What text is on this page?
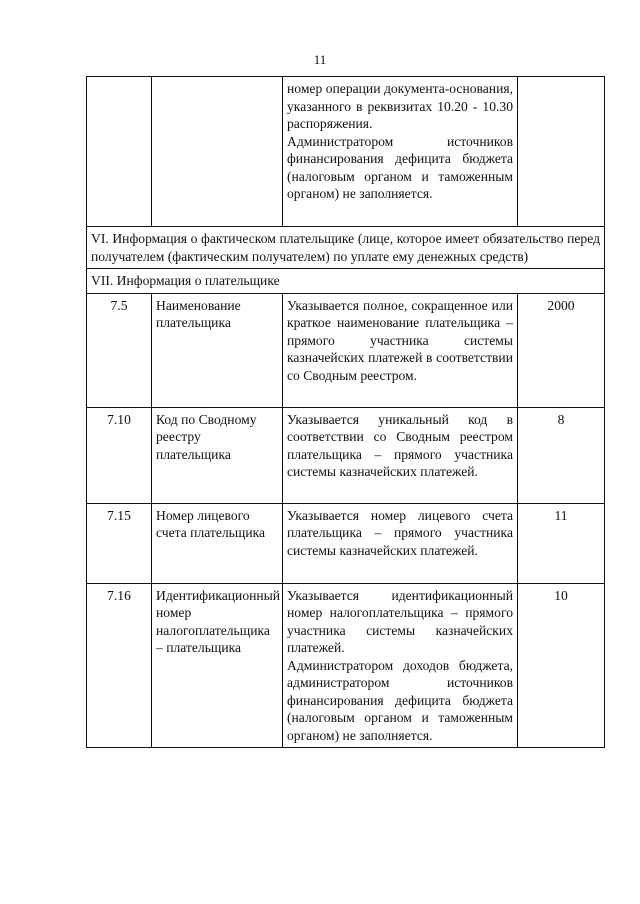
11

		номер операции документа-основания, указанного в реквизитах 10.20 - 10.30 распоряжения.
Администратором источников финансирования дефицита бюджета (налоговым органом и таможенным органом) не заполняется.	

VI. Информация о фактическом плательщике (лице, которое имеет обязательство перед получателем (фактическим получателем) по уплате ему денежных средств)			
VII. Информация о плательщике			
7.5	Наименование плательщика	Указывается полное, сокращенное или краткое наименование плательщика – прямого участника системы казначейских платежей в соответствии со Сводным реестром.	2000
7.10	Код по Сводному реестру плательщика	Указывается уникальный код в соответствии со Сводным реестром плательщика – прямого участника системы казначейских платежей.	8
7.15	Номер лицевого счета плательщика	Указывается номер лицевого счета плательщика – прямого участника системы казначейских платежей.	11
7.16	Идентификационный номер налогоплательщика – плательщика	Указывается идентификационный номер налогоплательщика – прямого участника системы казначейских платежей.
Администратором доходов бюджета, администратором источников финансирования дефицита бюджета (налоговым органом и таможенным органом) не заполняется.	10
